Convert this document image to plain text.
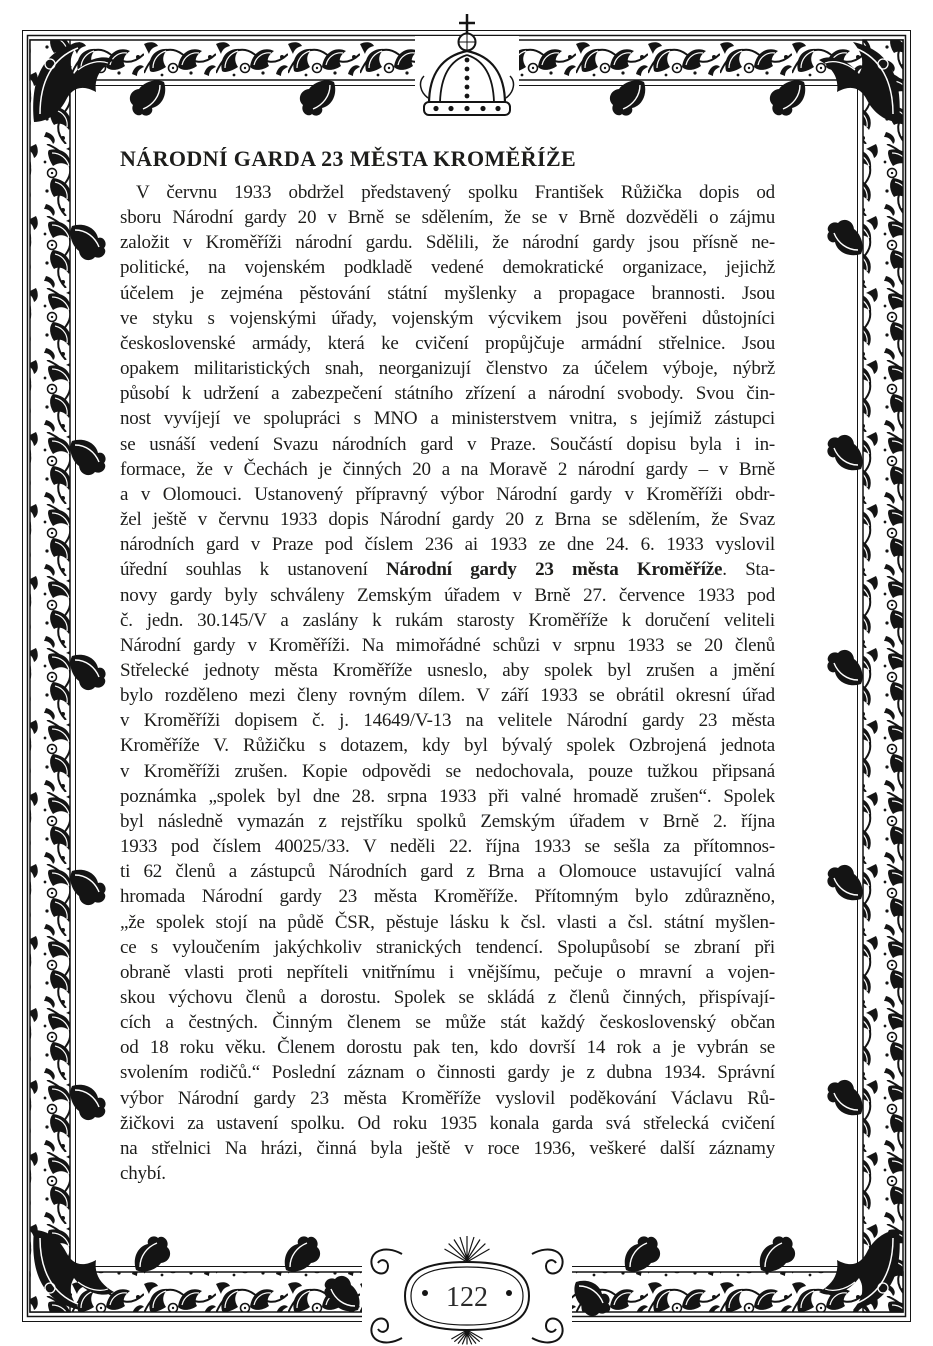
122
NÁRODNÍ GARDA 23 MĚSTA KROMĚŘÍŽE
V červnu 1933 obdržel představený spolku František Růžička dopis od
sboru Národní gardy 20 v Brně se sdělením, že se v Brně dozvěděli o zájmu
založit v Kroměříži národní gardu. Sdělili, že národní gardy jsou přísně ne-
politické, na vojenském podkladě vedené demokratické organizace, jejichž
účelem je zejména pěstování státní myšlenky a propagace brannosti. Jsou
ve styku s vojenskými úřady, vojenským výcvikem jsou pověřeni důstojníci
československé armády, která ke cvičení propůjčuje armádní střelnice. Jsou
opakem militaristických snah, neorganizují členstvo za účelem výboje, nýbrž
působí k udržení a zabezpečení státního zřízení a národní svobody. Svou čin-
nost vyvíjejí ve spolupráci s MNO a ministerstvem vnitra, s jejímiž zástupci
se usnáší vedení Svazu národních gard v Praze. Součástí dopisu byla i in-
formace, že v Čechách je činných 20 a na Moravě 2 národní gardy – v Brně
a v Olomouci. Ustanovený přípravný výbor Národní gardy v Kroměříži obdr-
žel ještě v červnu 1933 dopis Národní gardy 20 z Brna se sdělením, že Svaz
národních gard v Praze pod číslem 236 ai 1933 ze dne 24. 6. 1933 vyslovil
úřední souhlas k ustanovení Národní gardy 23 města Kroměříže. Sta-
novy gardy byly schváleny Zemským úřadem v Brně 27. července 1933 pod
č. jedn. 30.145/V a zaslány k rukám starosty Kroměříže k doručení veliteli
Národní gardy v Kroměříži. Na mimořádné schůzi v srpnu 1933 se 20 členů
Střelecké jednoty města Kroměříže usneslo, aby spolek byl zrušen a jmění
bylo rozděleno mezi členy rovným dílem. V září 1933 se obrátil okresní úřad
v Kroměříži dopisem č. j. 14649/V-13 na velitele Národní gardy 23 města
Kroměříže V. Růžičku s dotazem, kdy byl bývalý spolek Ozbrojená jednota
v Kroměříži zrušen. Kopie odpovědi se nedochovala, pouze tužkou připsaná
poznámka „spolek byl dne 28. srpna 1933 při valné hromadě zrušen“. Spolek
byl následně vymazán z rejstříku spolků Zemským úřadem v Brně 2. října
1933 pod číslem 40025/33. V neděli 22. října 1933 se sešla za přítomnos-
ti 62 členů a zástupců Národních gard z Brna a Olomouce ustavující valná
hromada Národní gardy 23 města Kroměříže. Přítomným bylo zdůrazněno,
„že spolek stojí na půdě ČSR, pěstuje lásku k čsl. vlasti a čsl. státní myšlen-
ce s vyloučením jakýchkoliv stranických tendencí. Spolupůsobí se zbraní při
obraně vlasti proti nepříteli vnitřnímu i vnějšímu, pečuje o mravní a vojen-
skou výchovu členů a dorostu. Spolek se skládá z členů činných, přispívají-
cích a čestných. Činným členem se může stát každý československý občan
od 18 roku věku. Členem dorostu pak ten, kdo dovrší 14 rok a je vybrán se
svolením rodičů.“ Poslední záznam o činnosti gardy je z dubna 1934. Správní
výbor Národní gardy 23 města Kroměříže vyslovil poděkování Václavu Rů-
žičkovi za ustavení spolku. Od roku 1935 konala garda svá střelecká cvičení
na střelnici Na hrázi, činná byla ještě v roce 1936, veškeré další záznamy
chybí.
